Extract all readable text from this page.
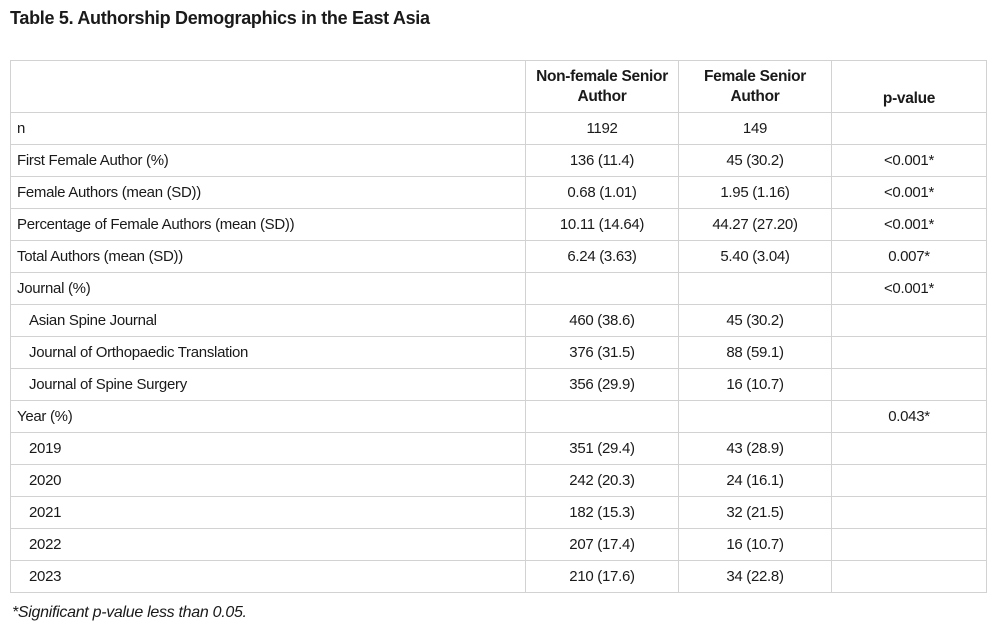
Table 5. Authorship Demographics in the East Asia
	Non-female Senior Author	Female Senior Author	p-value
n	1192	149	
First Female Author (%)	136 (11.4)	45 (30.2)	<0.001*
Female Authors (mean (SD))	0.68 (1.01)	1.95 (1.16)	<0.001*
Percentage of Female Authors (mean (SD))	10.11 (14.64)	44.27 (27.20)	<0.001*
Total Authors (mean (SD))	6.24 (3.63)	5.40 (3.04)	0.007*
Journal (%)			<0.001*
Asian Spine Journal	460 (38.6)	45 (30.2)	
Journal of Orthopaedic Translation	376 (31.5)	88 (59.1)	
Journal of Spine Surgery	356 (29.9)	16 (10.7)	
Year (%)			0.043*
2019	351 (29.4)	43 (28.9)	
2020	242 (20.3)	24 (16.1)	
2021	182 (15.3)	32 (21.5)	
2022	207 (17.4)	16 (10.7)	
2023	210 (17.6)	34 (22.8)	
*Significant p-value less than 0.05.
